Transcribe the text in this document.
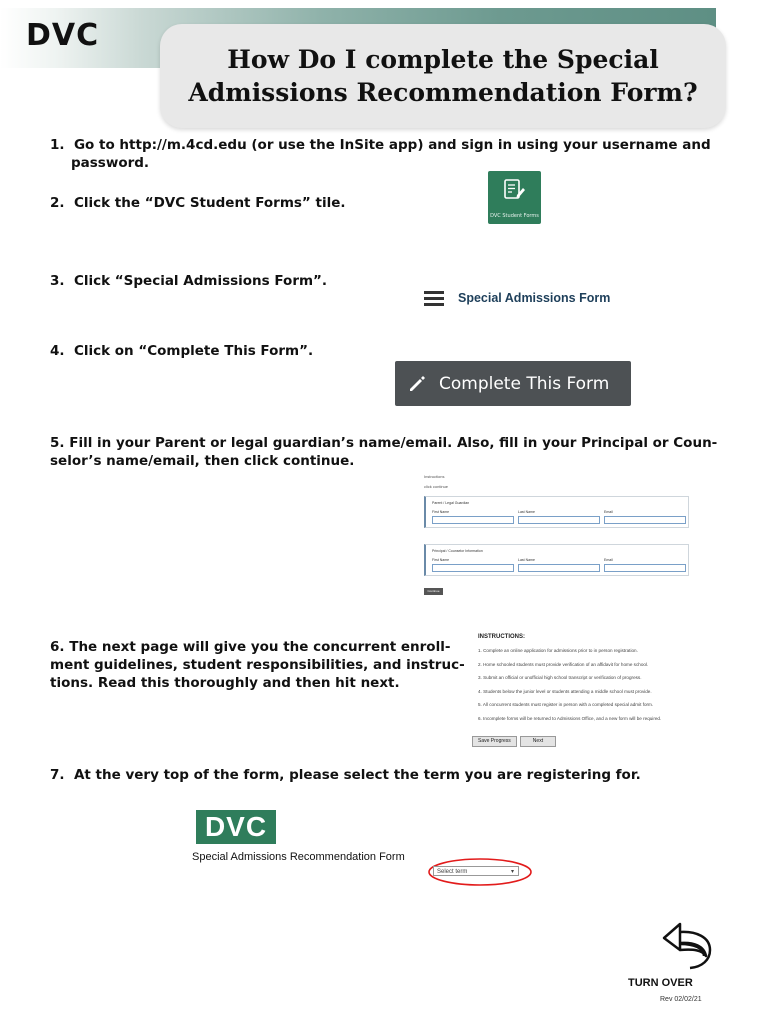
DVC
How Do I complete the Special
Admissions Recommendation Form?
1. Go to http://m.4cd.edu (or use the InSite app) and sign in using your username and
password.
2. Click the “DVC Student Forms” tile.
DVC Student Forms
3. Click “Special Admissions Form”.
Special Admissions Form
4. Click on “Complete This Form”.
Complete This Form
5. Fill in your Parent or legal guardian’s name/email. Also, fill in your Principal or Coun-
selor’s name/email, then click continue.
Instructions
click continue
Parent / Legal Guardian
First Name	Last Name	Email
Principal / Counselor Information
First Name	Last Name	Email
Continue
6. The next page will give you the concurrent enroll-
ment guidelines, student responsibilities, and instruc-
tions. Read this thoroughly and then hit next.
INSTRUCTIONS:
1. Complete an online application for admissions prior to in person registration.
2. Home schooled students must provide verification of an affidavit for home school.
3. Submit an official or unofficial high school transcript or verification of progress.
4. Students below the junior level or students attending a middle school must provide.
5. All concurrent students must register in person with a completed special admit form.
6. Incomplete forms will be returned to Admissions Office, and a new form will be required.
Save Progress	Next
7. At the very top of the form, please select the term you are registering for.
DVC
Special Admissions Recommendation Form
Select term	▾
TURN OVER
Rev 02/02/21
